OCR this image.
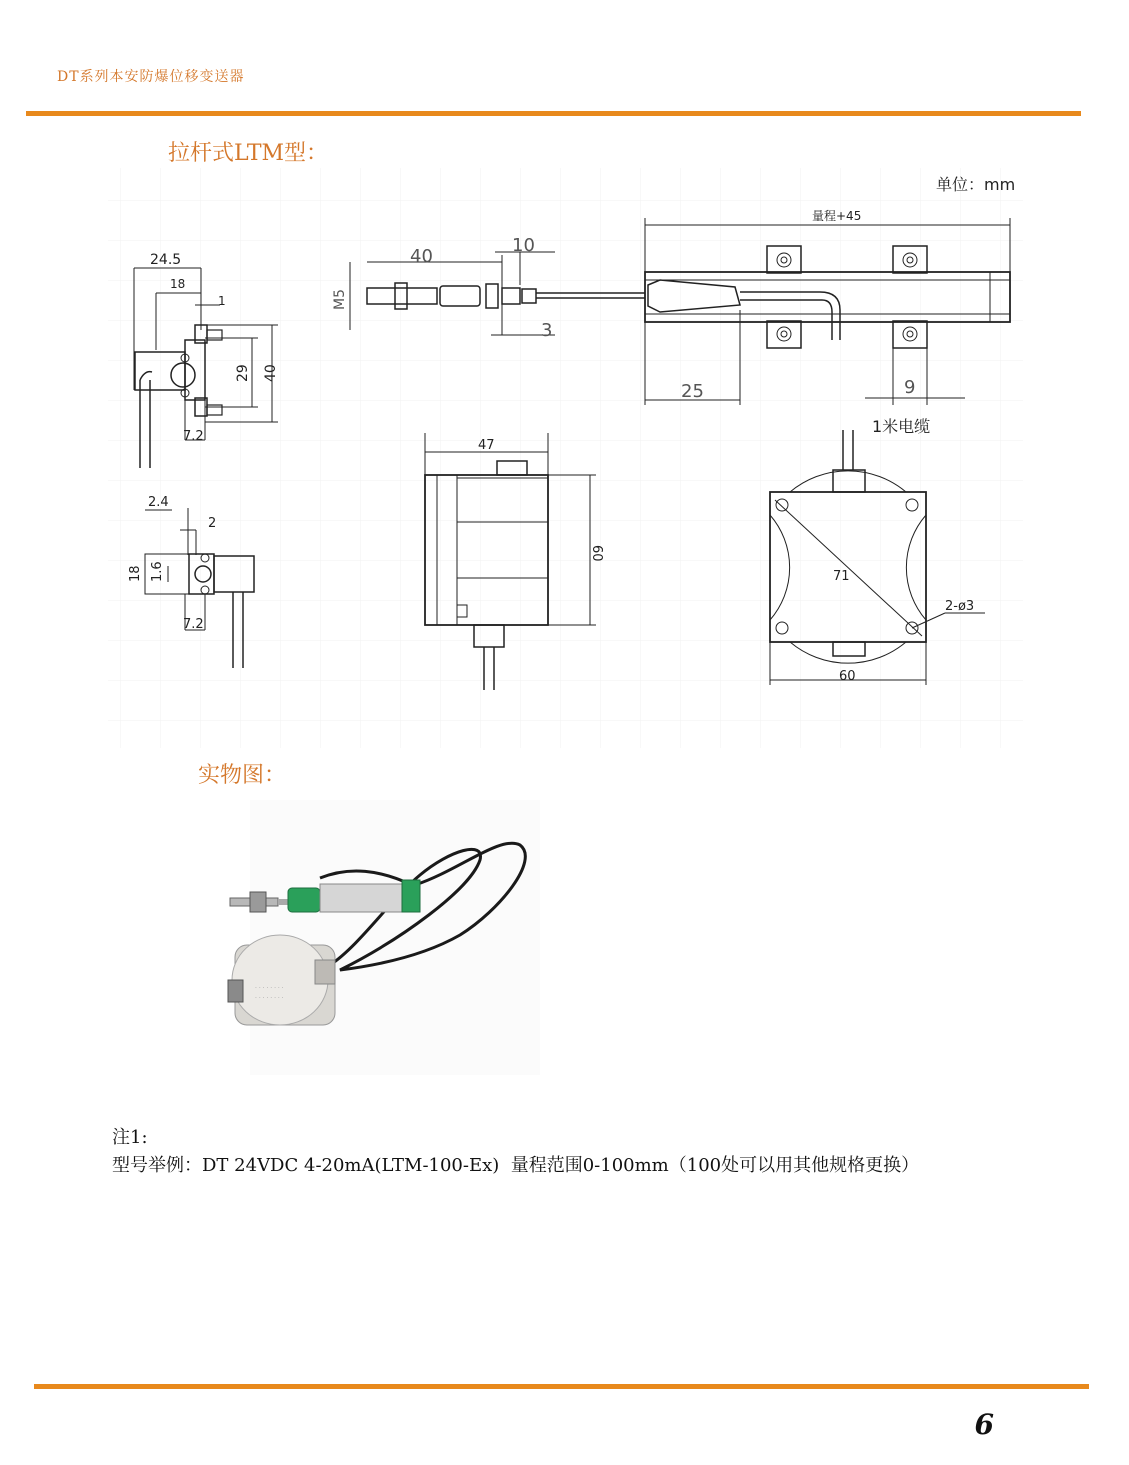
DT系列本安防爆位移变送器
拉杆式LTM型：
24.5
18
1
29 40
7.2
2.4
2
18 1.6
7.2
40
10
M5
3
25	9
47
60
71
2-ø3
60
量程+45
1米电缆
单位：mm
实物图：
· · · · · · · ·
· · · · · · · ·
注1:
型号举例：DT 24VDC 4-20mA(LTM-100-Ex)  量程范围0-100mm（100处可以用其他规格更换）
6
